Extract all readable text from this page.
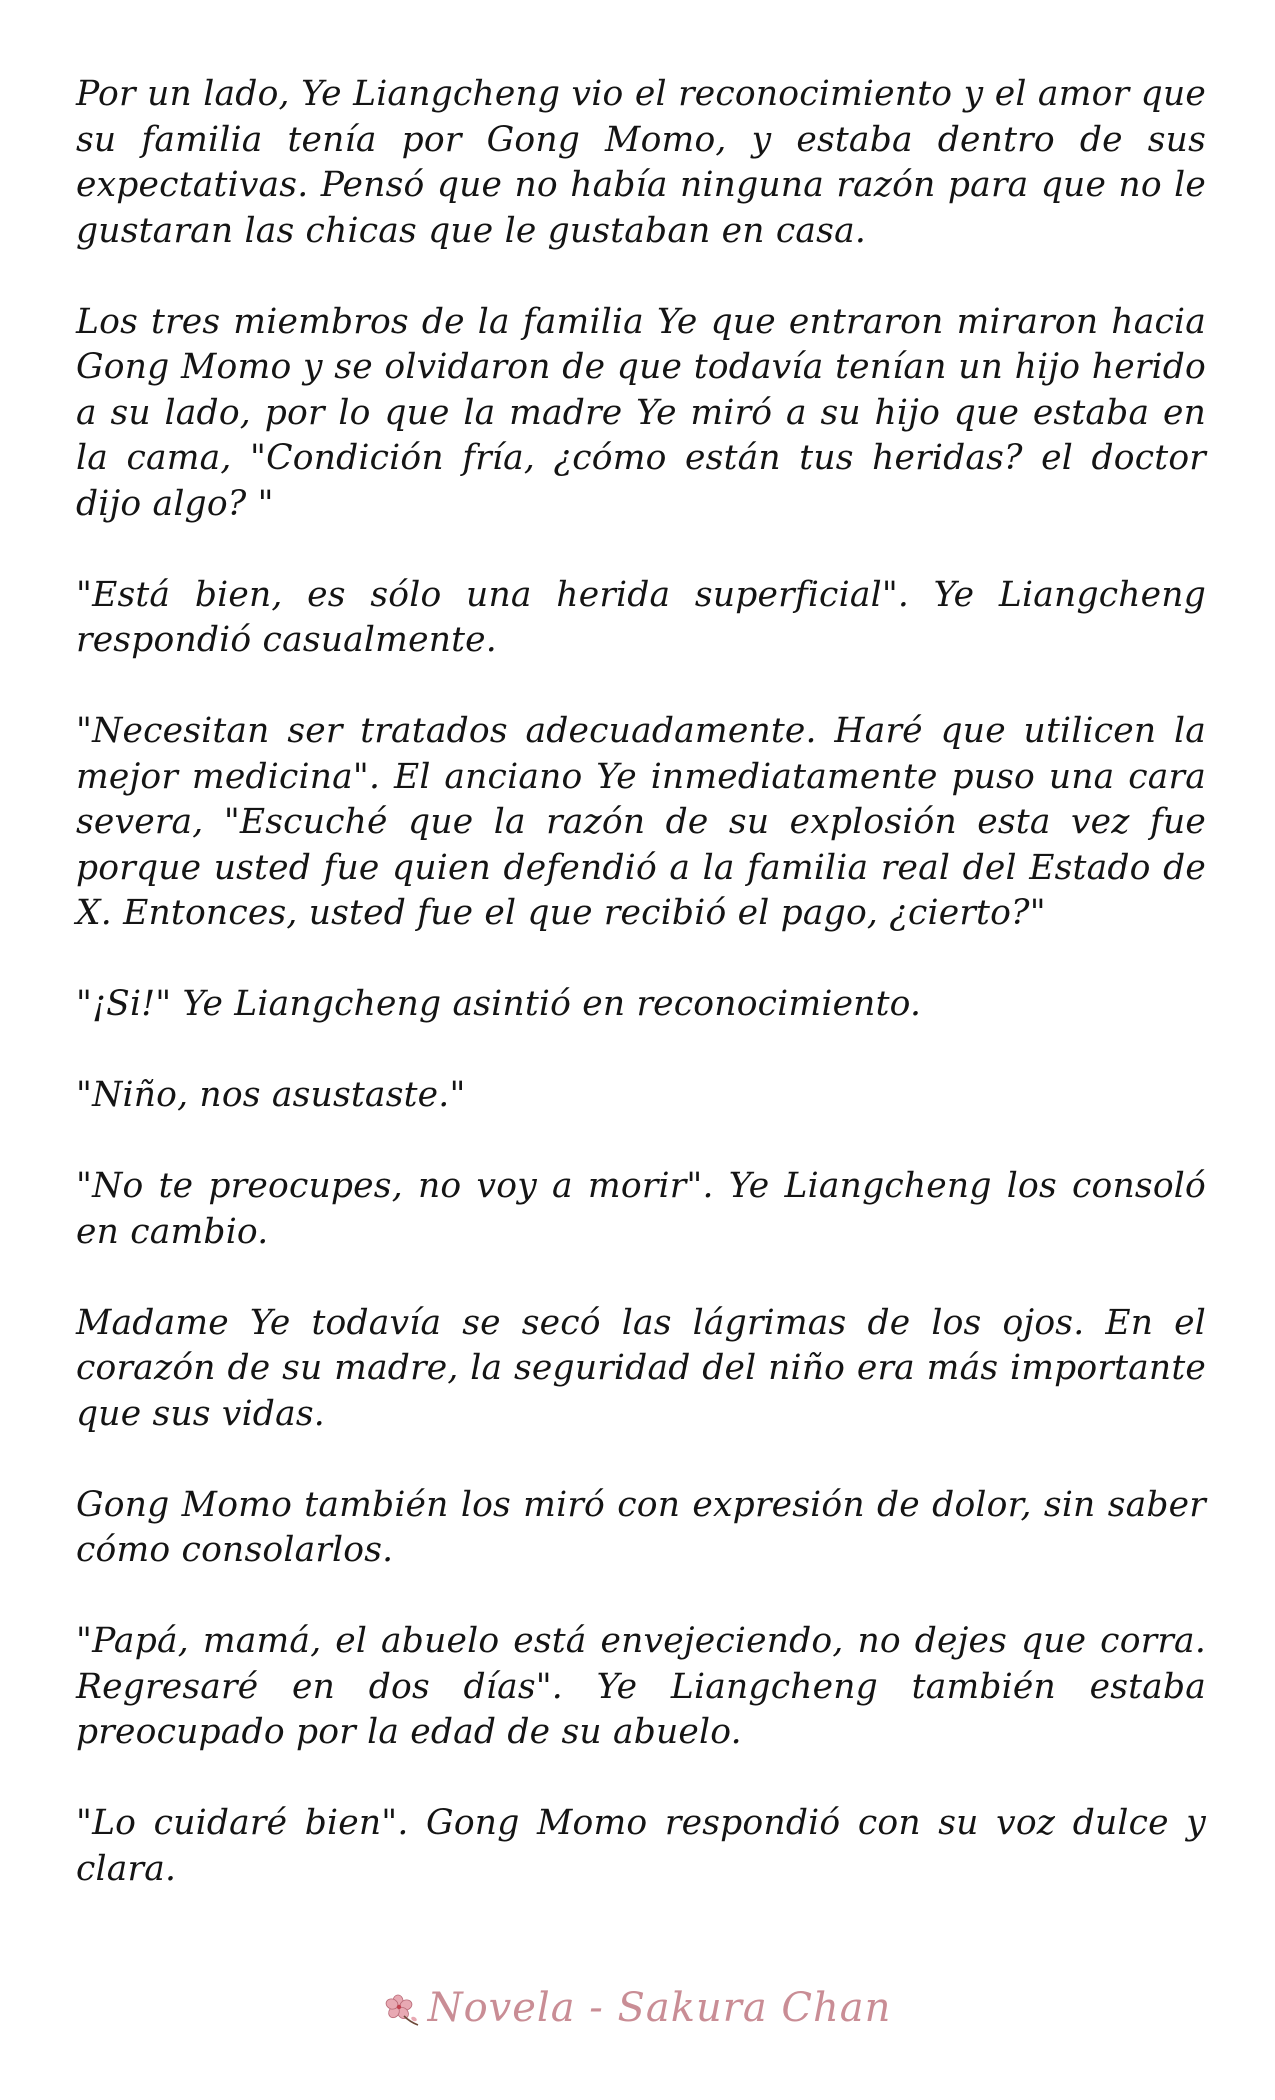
Por un lado, Ye Liangcheng vio el reconocimiento y el amor que su familia tenía por Gong Momo, y estaba dentro de sus expectativas. Pensó que no había ninguna razón para que no le gustaran las chicas que le gustaban en casa.

Los tres miembros de la familia Ye que entraron miraron hacia Gong Momo y se olvidaron de que todavía tenían un hijo herido a su lado, por lo que la madre Ye miró a su hijo que estaba en la cama, "Condición fría, ¿cómo están tus heridas? el doctor dijo algo? "

"Está bien, es sólo una herida superficial". Ye Liangcheng respondió casualmente.

"Necesitan ser tratados adecuadamente. Haré que utilicen la mejor medicina". El anciano Ye inmediatamente puso una cara severa, "Escuché que la razón de su explosión esta vez fue porque usted fue quien defendió a la familia real del Estado de X. Entonces, usted fue el que recibió el pago, ¿cierto?"

"¡Si!" Ye Liangcheng asintió en reconocimiento.

"Niño, nos asustaste."

"No te preocupes, no voy a morir". Ye Liangcheng los consoló en cambio.

Madame Ye todavía se secó las lágrimas de los ojos. En el corazón de su madre, la seguridad del niño era más importante que sus vidas.

Gong Momo también los miró con expresión de dolor, sin saber cómo consolarlos.

"Papá, mamá, el abuelo está envejeciendo, no dejes que corra. Regresaré en dos días". Ye Liangcheng también estaba preocupado por la edad de su abuelo.

"Lo cuidaré bien". Gong Momo respondió con su voz dulce y clara.

Novela - Sakura Chan
